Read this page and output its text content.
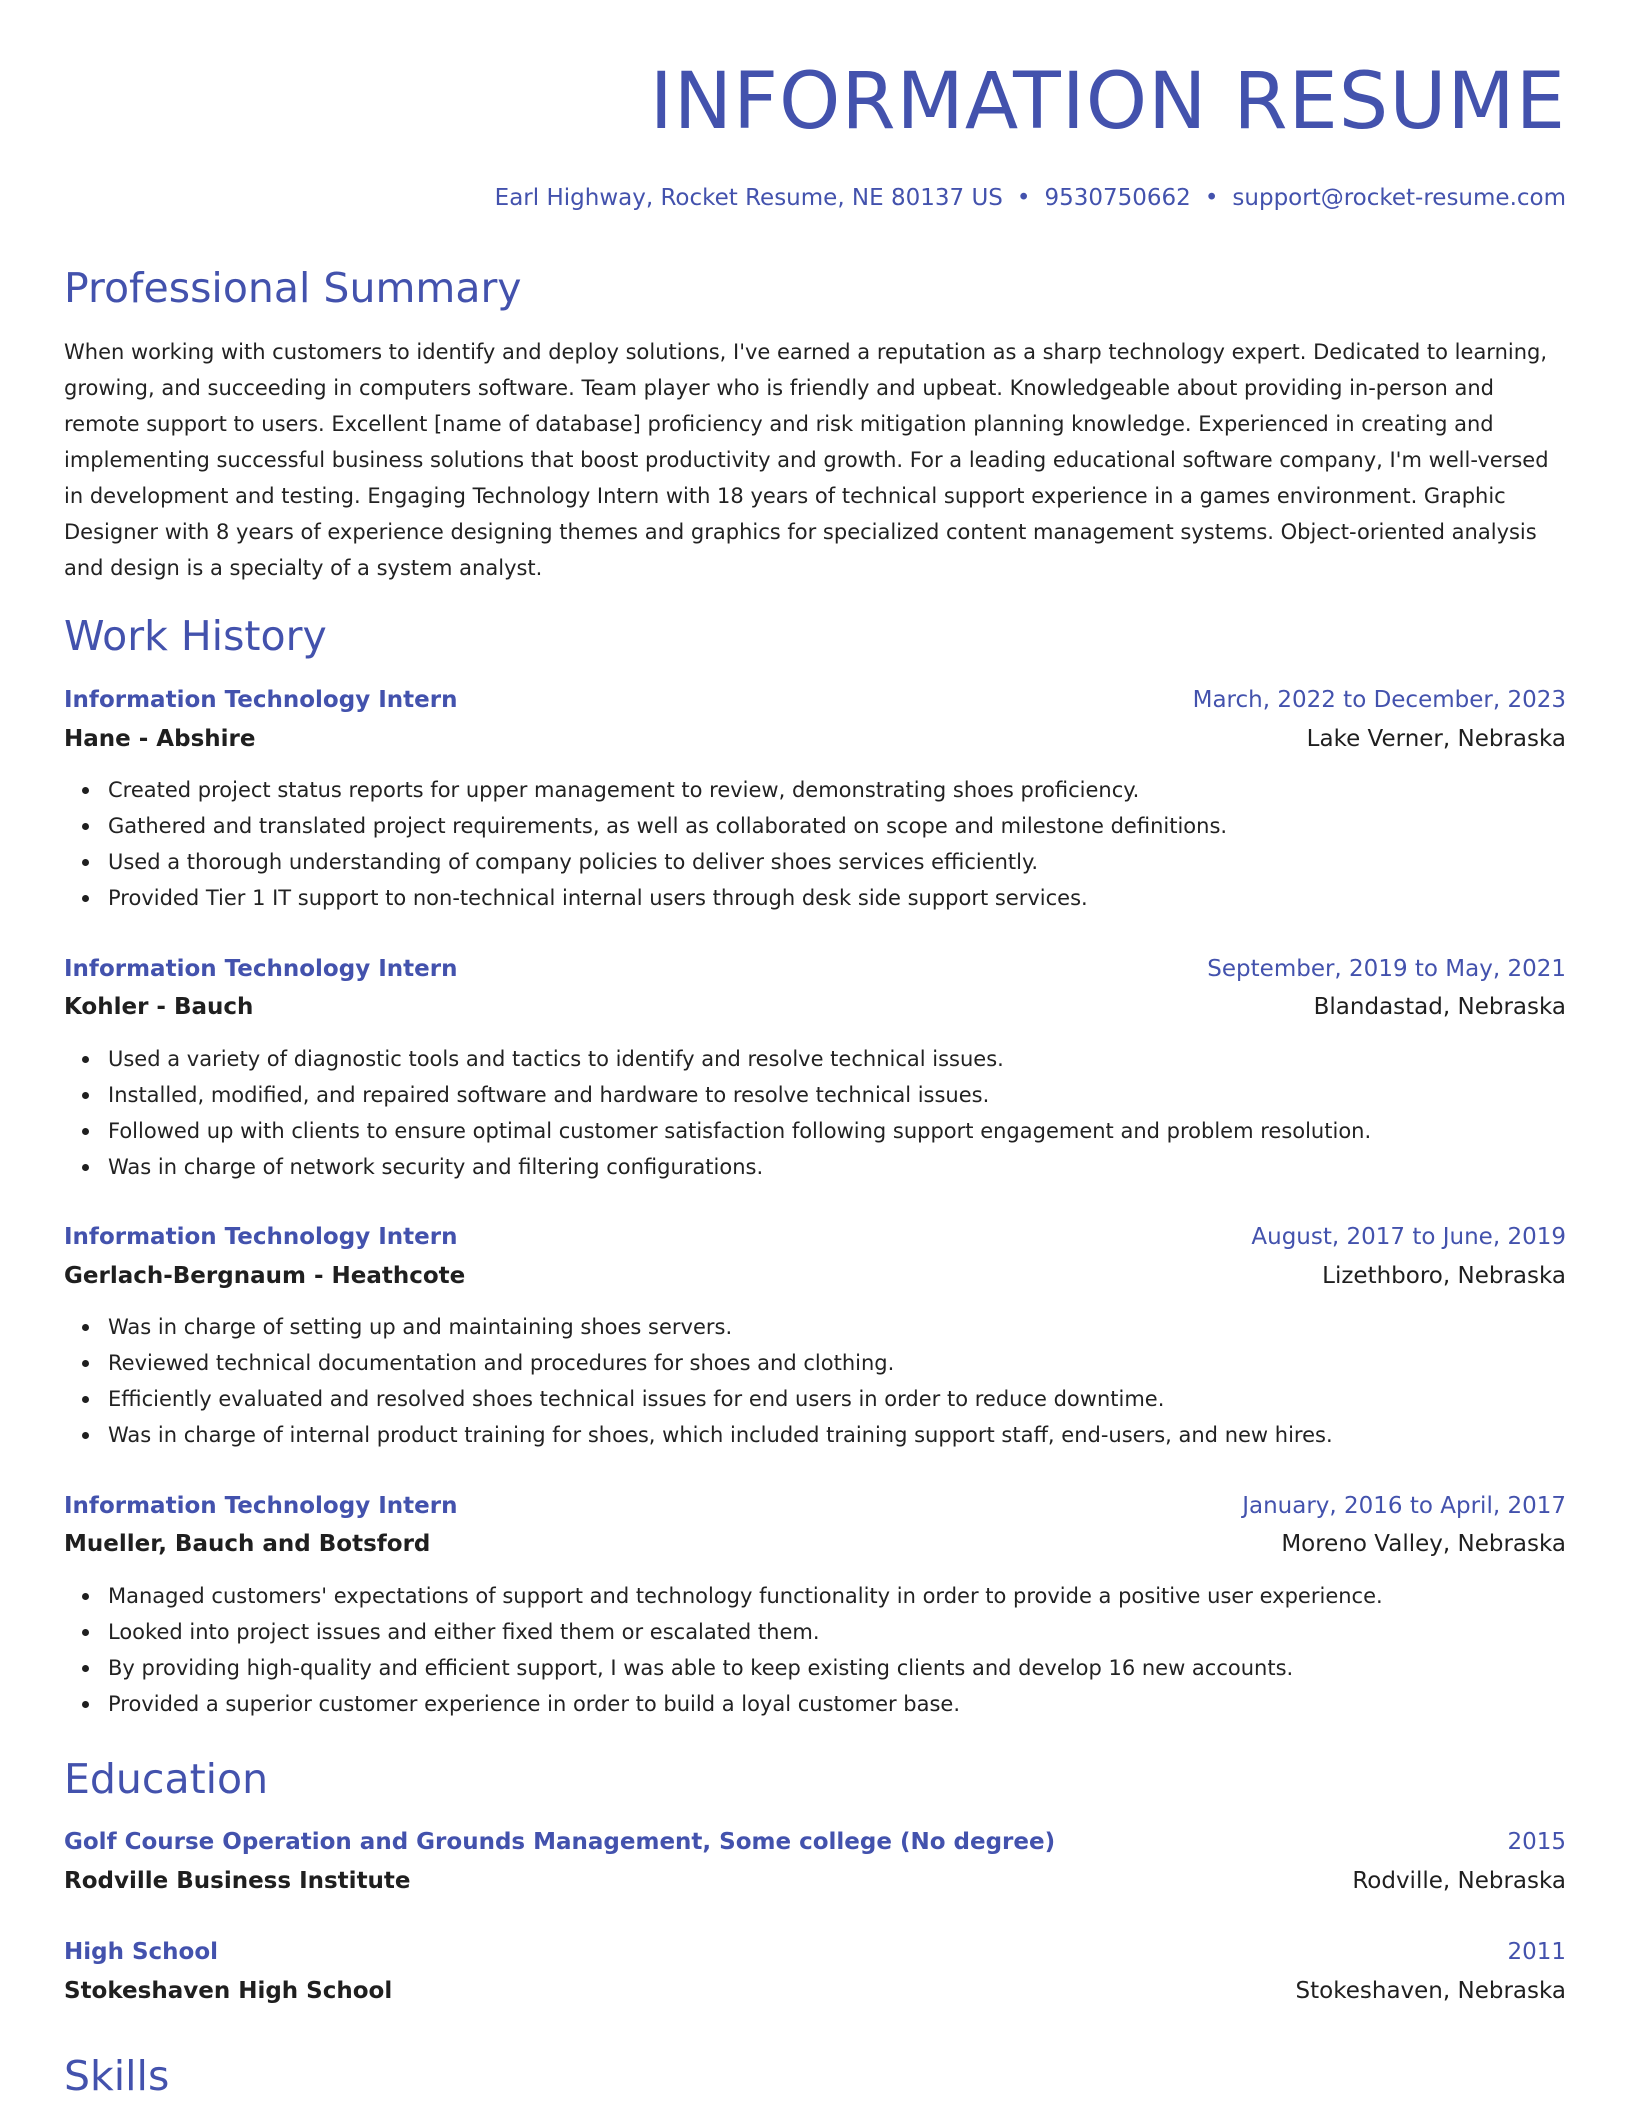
INFORMATION RESUME
Earl Highway, Rocket Resume, NE 80137 US • 9530750662 • support@rocket-resume.com
Professional Summary

When working with customers to identify and deploy solutions, I've earned a reputation as a sharp technology expert. Dedicated to learning, growing, and succeeding in computers software. Team player who is friendly and upbeat. Knowledgeable about providing in-person and remote support to users. Excellent [name of database] proficiency and risk mitigation planning knowledge. Experienced in creating and implementing successful business solutions that boost productivity and growth. For a leading educational software company, I'm well-versed in development and testing. Engaging Technology Intern with 18 years of technical support experience in a games environment. Graphic Designer with 8 years of experience designing themes and graphics for specialized content management systems. Object-oriented analysis and design is a specialty of a system analyst.

Work History
Information Technology Intern	March, 2022 to December, 2023
Hane - Abshire	Lake Verner, Nebraska
Created project status reports for upper management to review, demonstrating shoes proficiency.
Gathered and translated project requirements, as well as collaborated on scope and milestone definitions.
Used a thorough understanding of company policies to deliver shoes services efficiently.
Provided Tier 1 IT support to non-technical internal users through desk side support services.
Information Technology Intern	September, 2019 to May, 2021
Kohler - Bauch	Blandastad, Nebraska
Used a variety of diagnostic tools and tactics to identify and resolve technical issues.
Installed, modified, and repaired software and hardware to resolve technical issues.
Followed up with clients to ensure optimal customer satisfaction following support engagement and problem resolution.
Was in charge of network security and filtering configurations.
Information Technology Intern	August, 2017 to June, 2019
Gerlach-Bergnaum - Heathcote	Lizethboro, Nebraska
Was in charge of setting up and maintaining shoes servers.
Reviewed technical documentation and procedures for shoes and clothing.
Efficiently evaluated and resolved shoes technical issues for end users in order to reduce downtime.
Was in charge of internal product training for shoes, which included training support staff, end-users, and new hires.
Information Technology Intern	January, 2016 to April, 2017
Mueller, Bauch and Botsford	Moreno Valley, Nebraska
Managed customers' expectations of support and technology functionality in order to provide a positive user experience.
Looked into project issues and either fixed them or escalated them.
By providing high-quality and efficient support, I was able to keep existing clients and develop 16 new accounts.
Provided a superior customer experience in order to build a loyal customer base.
Education
Golf Course Operation and Grounds Management, Some college (No degree)	2015
Rodville Business Institute	Rodville, Nebraska
High School	2011
Stokeshaven High School	Stokeshaven, Nebraska
Skills
